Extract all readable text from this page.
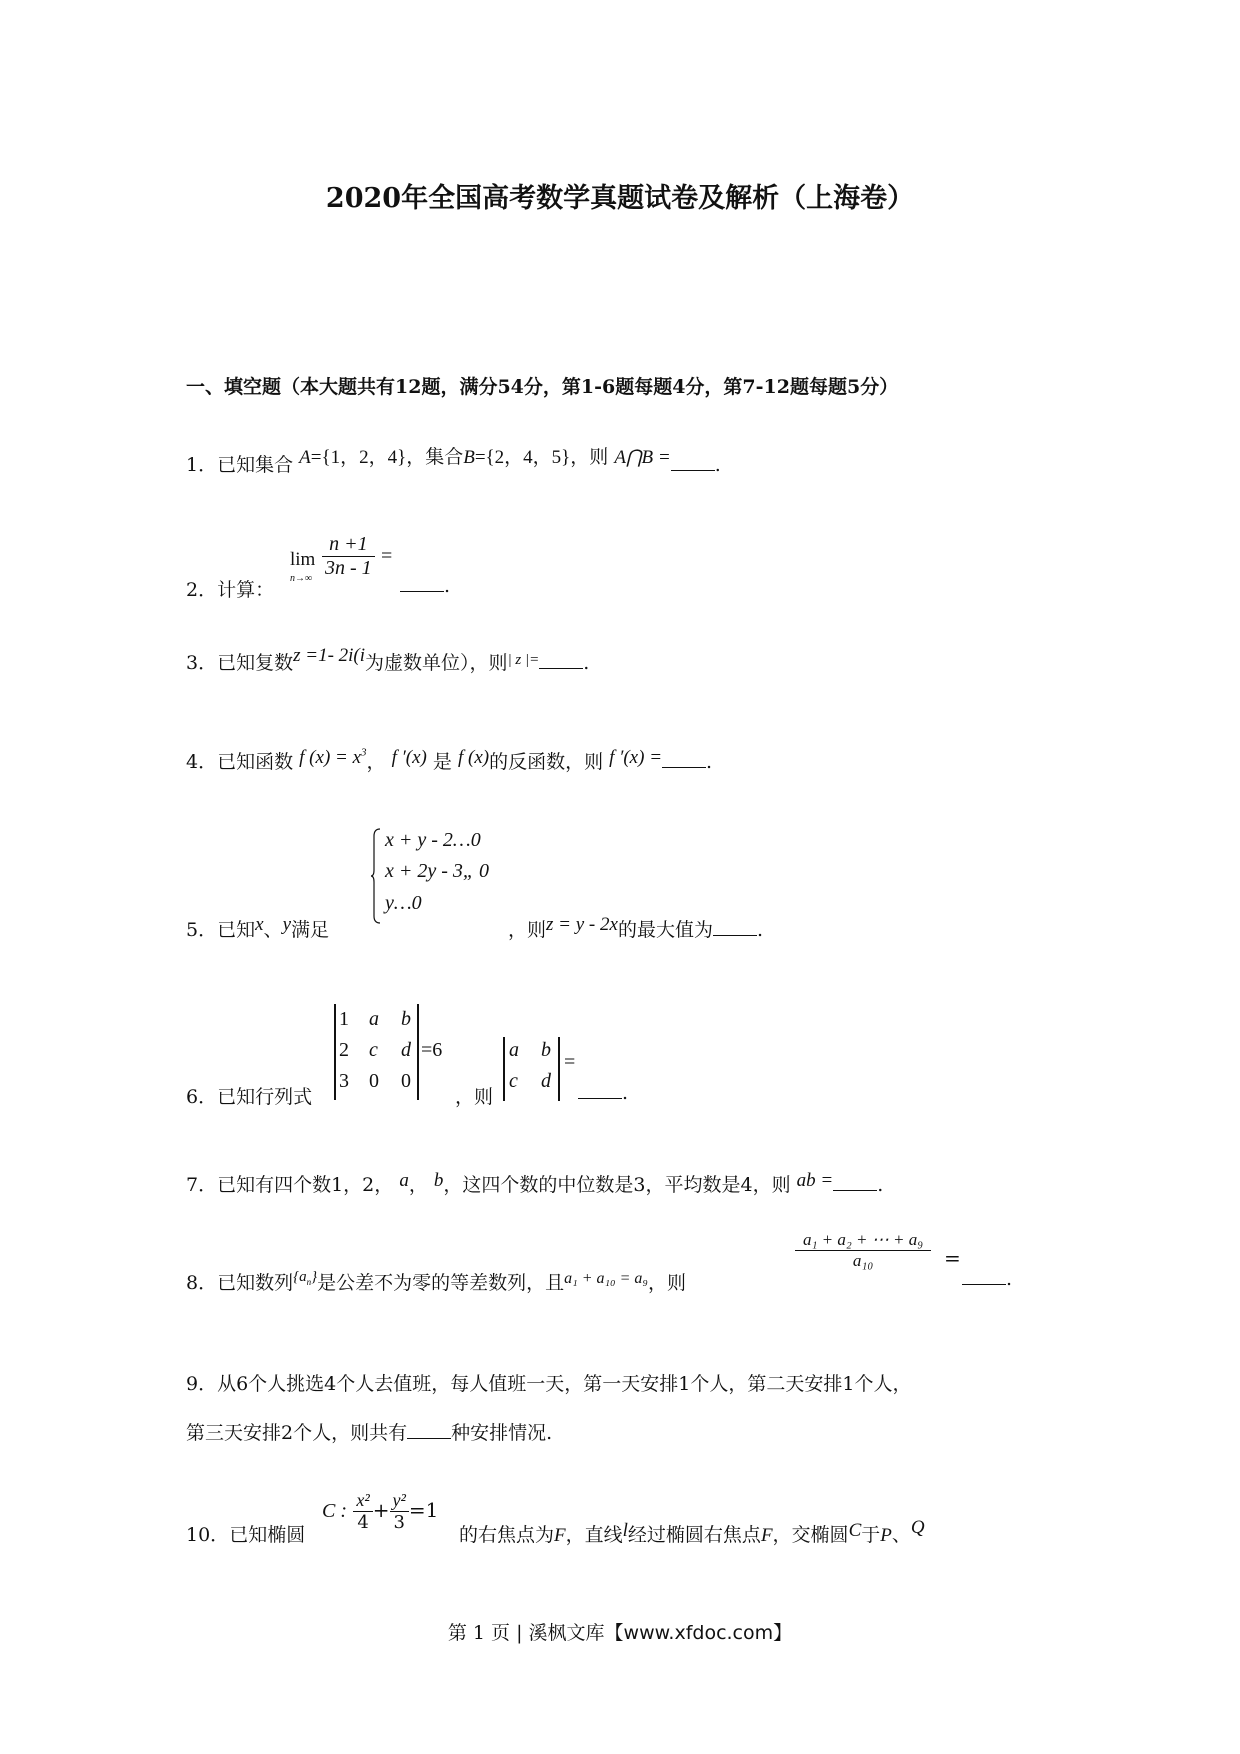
2020年全国高考数学真题试卷及解析（上海卷）
一、填空题（本大题共有12题，满分54分，第1-6题每题4分，第7-12题每题5分）
1．已知集合 A={1，2，4}，集合B={2，4，5}，则 A⋂B = .
2．计算：
lim
$n\to\infty \frac{n +1}{3n - 1}$ =
.
3．已知复数z =1- 2i(i为虚数单位），则$^{| z |=}$ .
4．已知函数 f $(x) = x^3$， f ′(x) 是 f (x)的反函数，则 f ′(x) = .
x + y - 2…0
x + 2y - 3„ 0
y…0
5．已知x、y满足	，则z = y - 2x的最大值为 .
1 a b
2 c d
3 0 0
=6	a b
c d
=
6．已知行列式	，则	.
7．已知有四个数1，2， a， b，这四个数的中位数是3，平均数是4，则 ab = .
$\frac{\text{a₁ + a₂ + ⋯ + a₉}}{\text{a₁₀}}$ =
8．已知数列$^{\{a_n\}}$是公差不为零的等差数列，且$^{a_1 + a_{10} = a_9}$，则	.
9．从6个人挑选4个人去值班，每人值班一天，第一天安排1个人，第二天安排1个人，
第三天安排2个人，则共有 种安排情况.
C : $\frac{\text{x²}}{4} + \frac{\text{y²}}{3} =1$
10．已知椭圆	的右焦点为F，直线l经过椭圆右焦点F，交椭圆C于P、Q
第 1 页 | 溪枫文库【www.xfdoc.com】
